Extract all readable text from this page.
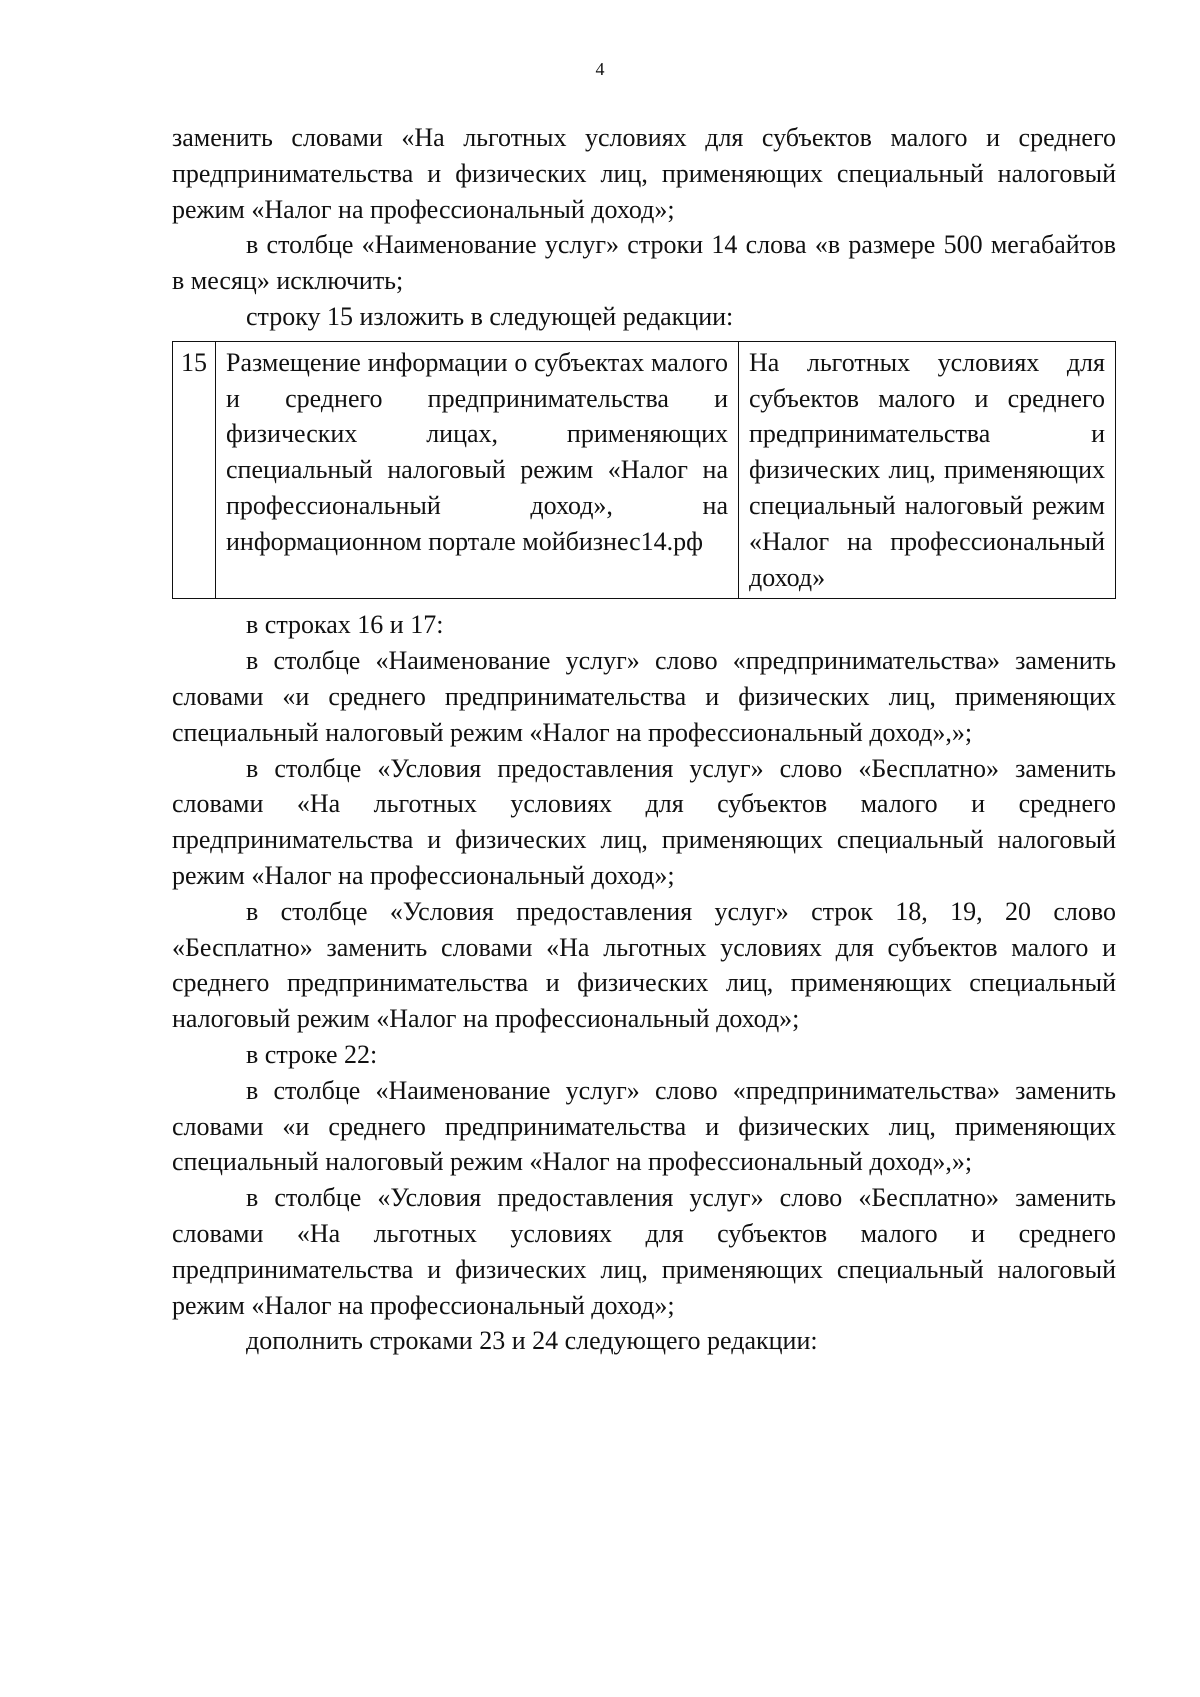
4

заменить словами «На льготных условиях для субъектов малого и среднего предпринимательства и физических лиц, применяющих специальный налоговый режим «Налог на профессиональный доход»;

в столбце «Наименование услуг» строки 14 слова «в размере 500 мегабайтов в месяц» исключить;

строку 15 изложить в следующей редакции:

15	Размещение информации о субъектах малого и среднего предпринимательства и физических лицах, применяющих специальный налоговый режим «Налог на профессиональный доход», на информационном портале мойбизнес14.рф	На льготных условиях для субъектов малого и среднего предпринимательства и физических лиц, применяющих специальный налоговый режим «Налог на профессиональный доход»

в строках 16 и 17:

в столбце «Наименование услуг» слово «предпринимательства» заменить словами «и среднего предпринимательства и физических лиц, применяющих специальный налоговый режим «Налог на профессиональный доход»,»;

в столбце «Условия предоставления услуг» слово «Бесплатно» заменить словами «На льготных условиях для субъектов малого и среднего предпринимательства и физических лиц, применяющих специальный налоговый режим «Налог на профессиональный доход»;

в столбце «Условия предоставления услуг» строк 18, 19, 20 слово «Бесплатно» заменить словами «На льготных условиях для субъектов малого и среднего предпринимательства и физических лиц, применяющих специальный налоговый режим «Налог на профессиональный доход»;

в строке 22:

в столбце «Наименование услуг» слово «предпринимательства» заменить словами «и среднего предпринимательства и физических лиц, применяющих специальный налоговый режим «Налог на профессиональный доход»,»;

в столбце «Условия предоставления услуг» слово «Бесплатно» заменить словами «На льготных условиях для субъектов малого и среднего предпринимательства и физических лиц, применяющих специальный налоговый режим «Налог на профессиональный доход»;

дополнить строками 23 и 24 следующего редакции:
